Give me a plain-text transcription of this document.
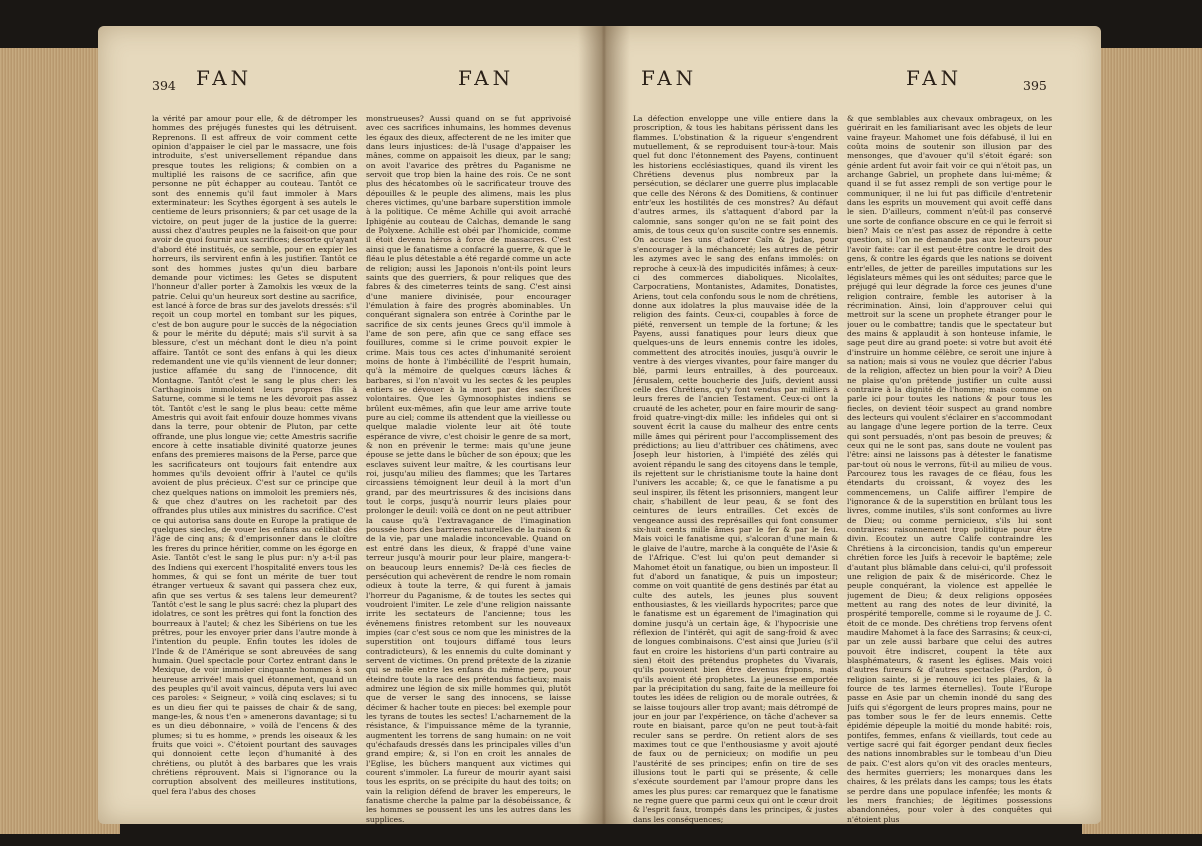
394 FAN	FAN

la vérité par amour pour elle, & de détromper les hommes des préjugés funestes qui les détruisent. Reprenons. Il est affreux de voir comment cette opinion d'appaiser le ciel par le massacre, une fois introduite, s'est universellement répandue dans presque toutes les religions; & combien on a multiplié les raisons de ce sacrifice, afin que personne ne pût échapper au couteau. Tantôt ce sont des ennemis qu'il faut immoler à Mars exterminateur: les Scythes égorgent à ses autels le centieme de leurs prisonniers; & par cet usage de la victoire, on peut juger de la justice de la guerre: aussi chez d'autres peuples ne la faisoit-on que pour avoir de quoi fournir aux sacrifices; desorte qu'ayant d'abord été institués, ce semble, pour en expier les horreurs, ils servirent enfin à les justifier. Tantôt ce sont des hommes justes qu'un dieu barbare demande pour victimes: les Getes se disputent l'honneur d'aller porter à Zamolxis les vœux de la patrie. Celui qu'un heureux sort destine au sacrifice, est lancé à force de bras sur des javelots dressés: s'il reçoit un coup mortel en tombant sur les piques, c'est de bon augure pour le succès de la négociation & pour le mérite du député; mais s'il survit à sa blessure, c'est un méchant dont le dieu n'a point affaire. Tantôt ce sont des enfans à qui les dieux redemandent une vie qu'ils viennent de leur donner; justice affamée du sang de l'innocence, dit Montagne. Tantôt c'est le sang le plus cher: les Carthaginois immoloient leurs propres fils à Saturne, comme si le tems ne les dévoroit pas assez tôt. Tantôt c'est le sang le plus beau: cette même Amestris qui avoit fait enfouir douze hommes vivans dans la terre, pour obtenir de Pluton, par cette offrande, une plus longue vie; cette Amestris sacrifie encore à cette insatiable divinité quatorze jeunes enfans des premieres maisons de la Perse, parce que les sacrificateurs ont toujours fait entendre aux hommes qu'ils devoient offrir à l'autel ce qu'ils avoient de plus précieux. C'est sur ce principe que chez quelques nations on immoloit les premiers nés, & que chez d'autres on les rachetoit par des offrandes plus utiles aux ministres du sacrifice. C'est ce qui autorisa sans doute en Europe la pratique de quelques siecles, de vouer les enfans au célibat dès l'âge de cinq ans; & d'emprisonner dans le cloître les freres du prince héritier, comme on les égorge en Asie. Tantôt c'est le sang le plus pur: n'y a-t-il pas des Indiens qui exercent l'hospitalité envers tous les hommes, & qui se font un mérite de tuer tout étranger vertueux & savant qui passera chez eux, afin que ses vertus & ses talens leur demeurent? Tantôt c'est le sang le plus sacré: chez la plupart des idolatres, ce sont les prêtres qui font la fonction des bourreaux à l'autel; & chez les Sibériens on tue les prêtres, pour les envoyer prier dans l'autre monde à l'intention du peuple. Enfin toutes les idoles de l'Inde & de l'Amérique se sont abreuvées de sang humain. Quel spectacle pour Cortez entrant dans le Mexique, de voir immoler cinquante hommes à son heureuse arrivée! mais quel étonnement, quand un des peuples qu'il avoit vaincus, députa vers lui avec ces paroles: « Seigneur, » voilà cinq esclaves; si tu es un dieu fier qui te paisses de chair & de sang, mange-les, & nous t'en » amenerons davantage; si tu es un dieu débonnaire, » voilà de l'encens & des plumes; si tu es homme, » prends les oiseaux & les fruits que voici ». C'étoient pourtant des sauvages qui donnoient cette leçon d'humanité à des chrétiens, ou plutôt à des barbares que les vrais chrétiens réprouvent. Mais si l'ignorance ou la corruption absolvent des meilleures institutions, quel fera l'abus des choses

monstrueuses? Aussi quand on se fut apprivoisé avec ces sacrifices inhumains, les hommes devenus les égaux des dieux, affecterent de ne les imiter que dans leurs injustices: de-là l'usage d'appaiser les mânes, comme on appaisoit les dieux, par le sang; on avoit l'avarice des prêtres du Paganisme ne servoit que trop bien la haine des rois. Ce ne sont plus des hécatombes où le sacrificateur trouve des dépouilles & le peuple des alimens, mais les plus cheres victimes, qu'une barbare superstition immole à la politique. Ce même Achille qui avoit arraché Iphigénie au couteau de Calchas, demande le sang de Polyxene. Achille est obéi par l'homicide, comme il étoit devenu héros à force de massacres. C'est ainsi que le fanatisme a confacré la guerre, & que le fléau le plus détestable a été regardé comme un acte de religion; aussi les Japonois n'ont-ils point leurs saints que des guerriers, & pour reliques que des fabres & des cimeterres teints de sang. C'est ainsi d'une maniere divinisée, pour encourager l'émulation à faire des progrès abominables. Un conquérant signalera son entrée à Corinthe par le sacrifice de six cents jeunes Grecs qu'il immole à l'ame de son pere, afin que ce sang efface ses fouillures, comme si le crime pouvoit expier le crime. Mais tous ces actes d'inhumanité seroient moins de honte à l'imbécillité de l'esprit humain, qu'à la mémoire de quelques cœurs lâches & barbares, si l'on n'avoit vu les sectes & les peuples entiers se dévouer à la mort par des sacrifices volontaires. Que les Gymnosophistes indiens se brûlent eux-mêmes, afin que leur ame arrive toute pure au ciel; comme ils attendent que la vieillesse ou quelque maladie violente leur ait ôté toute espérance de vivre, c'est choisir le genre de sa mort, & non en prévenir le terme: mais qu'une jeune épouse se jette dans le bûcher de son époux; que les esclaves suivent leur maître, & les courtisans leur roi, jusqu'au milieu des flammes; que les Tartares circassiens témoignent leur deuil à la mort d'un grand, par des meurtrissures & des incisions dans tout le corps, jusqu'à nourrir leurs plaies pour prolonger le deuil: voilà ce dont on ne peut attribuer la cause qu'à l'extravagance de l'imagination poussée hors des barrieres naturelles de la raison & de la vie, par une maladie inconcevable. Quand on est entré dans les dieux, & frappé d'une vaine terreur jusqu'à mourir pour leur plaire, mangera-t-on beaucoup leurs ennemis? De-là ces fiecles de persécution qui achevèrent de rendre le nom romain odieux à toute la terre, & qui furent à jamais l'horreur du Paganisme, & de toutes les sectes qui voudroient l'imiter. Le zele d'une religion naissante irrite les sectateurs de l'ancienne; tous les évênemens finistres retombent sur les nouveaux impies (car c'est sous ce nom que les ministres de la superstition ont toujours diffamé tous leurs contradicteurs), & les ennemis du culte dominant y servent de victimes. On prend prétexte de la zizanie qui se mêle entre les enfans du même pere, pour éteindre toute la race des prétendus factieux; mais admirez une légion de six mille hommes qui, plutôt que de verser le sang des innocens, se laisse décimer & hacher toute en pieces: bel exemple pour les tyrans de toutes les sectes! L'acharnement de la résistance, & l'impuissance même de la tyrannie, augmentent les torrens de sang humain: on ne voit qu'échafauds dressés dans les principales villes d'un grand empire; &, si l'on en croit les annales de l'Eglise, les bûchers manquent aux victimes qui courent s'immoler. La fureur de mourir ayant saisi tous les esprits, on se précipite du haut des toits; on vain la religion défend de braver les empereurs, le fanatisme cherche la palme par la désobéissance, & les hommes se poussent les uns les autres dans les supplices.

FAN	FAN	395

La défection enveloppe une ville entiere dans la proscription, & tous les habitans périssent dans les flammes. L'obstination & la rigueur s'engendrent mutuellement, & se reproduisent tour-à-tour. Mais quel fut donc l'étonnement des Payens, continuent les historiens ecclésiastiques, quand ils virent les Chrétiens devenus plus nombreux par la persécution, se déclarer une guerre plus implacable que celle des Nérons & des Domitiens, & continuer entr'eux les hostilités de ces monstres? Au défaut d'autres armes, ils s'attaquent d'abord par la calomnie, sans songer qu'on ne se fait point des amis, de tous ceux qu'on suscite contre ses ennemis. On accuse les uns d'adorer Caïn & Judas, pour s'encourager à la méchanceté; les autres de pétrir les azymes avec le sang des enfans immolés: on reproche à ceux-là des impudicités infâmes; à ceux-ci des commerces diaboliques. Nicolaïtes, Carpocratiens, Montanistes, Adamites, Donatistes, Ariens, tout cela confondu sous le nom de chrétiens, donne aux idolatres la plus mauvaise idée de la religion des faints. Ceux-ci, coupables à force de piété, renversent un temple de la fortune; & les Payens, aussi fanatiques pour leurs dieux que quelques-uns de leurs ennemis contre les idoles, commettent des atrocités inouïes, jusqu'à ouvrir le ventre à des vierges vivantes, pour faire manger du blé, parmi leurs entrailles, à des pourceaux. Jérusalem, cette boucherie des Juifs, devient aussi celle des Chrétiens, qu'y font vendus par milliers à leurs freres de l'ancien Testament. Ceux-ci ont la cruauté de les acheter, pour en faire mourir de sang-froid quatre-vingt-dix mille: les infideles qui ont si souvent écrit la cause du malheur des entre cents mille âmes qui périrent pour l'accomplissement des prédictions; au lieu d'attribuer ces châtimens, avec Joseph leur historien, à l'impiété des zélés qui avoient répandu le sang des citoyens dans le temple, ils rejettent sur le christianisme toute la haine dont l'univers les accable; &, ce que le fanatisme a pu seul inspirer, ils fêtent les prisonniers, mangent leur chair, s'habillent de leur peau, & se font des ceintures de leurs entrailles. Cet excès de vengeance aussi des représailles qui font consumer six-huit cents mille âmes par le fer & par le feu. Mais voici le fanatisme qui, s'alcoran d'une main & le glaive de l'autre, marche à la conquête de l'Asie & de l'Afrique. C'est lui qu'on peut demander si Mahomet étoit un fanatique, ou bien un imposteur. Il fut d'abord un fanatique, & puis un imposteur; comme on voit quantité de gens destinés par état au culte des autels, les jeunes plus souvent enthousiastes, & les vieillards hypocrites; parce que le fanatisme est un égarement de l'imagination qui domine jusqu'à un certain âge, & l'hypocrisie une réflexion de l'intérêt, qui agit de sang-froid & avec de longues combinaisons. C'est ainsi que Jurieu (s'il faut en croire les historiens d'un parti contraire au sien) étoit des prétendus prophetes du Vivarais, qu'ils pouvoient bien être devenus fripons, mais qu'ils avoient été prophetes. La jeunesse emportée par la précipitation du sang, faite de la meilleure foi toutes les idées de religion ou de morale outrées, & se laisse toujours aller trop avant; mais détrompé de jour en jour par l'expérience, on tâche d'achever sa route en biaisant, parce qu'on ne peut tout-à-fait reculer sans se perdre. On retient alors de ses maximes tout ce que l'enthousiasme y avoit ajouté de faux ou de pernicieux; on modifie un peu l'austérité de ses principes; enfin on tire de ses illusions tout le parti qui se présente, & celle s'exécute sourdement par l'amour propre dans les ames les plus pures: car remarquez que le fanatisme ne regne guere que parmi ceux qui ont le cœur droit & l'esprit faux, trompés dans les principes, & justes dans les conséquences;

& que semblables aux chevaux ombrageux, on les guérirait en les familiarisant avec les objets de leur vaine frayeur. Mahomet une fois défabusé, il lui en coûta moins de soutenir son illusion par des mensonges, que d'avouer qu'il s'étoit égaré: son génie ardent fut avoir fait voir ce qui n'étoit pas, un archange Gabriel, un prophete dans lui-même; & quand il se fut assez rempli de son vertige pour le communiquer, il ne lui fut pas difficile d'entretenir dans les esprits un mouvement qui avoit ceffé dans le sien. D'ailleurs, comment n'eût-il pas conservé une sorte de confiance obscure en ce qui le ferroit si bien? Mais ce n'est pas assez de répondre à cette question, si l'on ne demande pas aux lecteurs pour l'avoir faite: car il est peut-être contre le droit des gens, & contre les égards que les nations se doivent entr'elles, de jetter de pareilles imputations sur les législateurs mêmes qui les ont séduites; parce que le préjugé qui leur dégrade la force ces jeunes d'une religion contraire, femble les autoriser à la récrimination. Ainsi, loin d'approuver celui qui mettroit sur la scene un prophete étranger pour le jouer ou le combattre; tandis que le spectateur but des mains & applaudit à son honteuse infamie, le sage peut dire au grand poete: si votre but avoit été d'instruire un homme célèbre, ce seroit une injure à sa nation; mais si vous ne voulez que décrier l'abus de la religion, affectez un bien pour la voir? A Dieu ne plaise qu'on prétende justifier un culte aussi contraire à la dignité de l'homme; mais comme on parle ici pour toutes les nations & pour tous les fiecles, on devient téoir suspect au grand nombre des lecteurs qui voulent s'éclairer en s'accommodant au langage d'une legere portion de la terre. Ceux qui sont persuadés, n'ont pas besoin de preuves; & ceux qui ne le sont pas, sans doute ne voulent pas l'être: ainsi ne laissons pas à détester le fanatisme par-tout où nous le verrons, fût-il au milieu de vous. Parcourez tous les ravages de ce fléau, fous les étendarts du croissant, & voyez des les commencemens, un Calife aiffirer l'empire de l'ignorance & de la superstition en brûlant tous les livres, comme inutiles, s'ils sont conformes au livre de Dieu; ou comme pernicieux, s'ils lui sont contraires: raisonnement trop politique pour être divin. Ecoutez un autre Calife contraindre les Chrétiens à la circoncision, tandis qu'un empereur chrétien force les Juifs à recevoir le baptême; zele d'autant plus blâmable dans celui-ci, qu'il professoit une religion de paix & de miséricorde. Chez le peuple conquérant, la violence est appellée le jugement de Dieu; & deux religions opposées mettent au rang des notes de leur divinité, la prospérité temporelle, comme si le royaume de J. C. étoit de ce monde. Des chrétiens trop fervens ofent maudire Mahomet à la face des Sarrasins; & ceux-ci, par un zele aussi barbare que celui des autres pouvoit être indiscret, coupent la tête aux blasphémateurs, & rasent les églises. Mais voici d'autres fureurs & d'autres spectacles (Pardon, ô religion sainte, si je renouve ici tes plaies, & la fource de tes larmes éternelles). Toute l'Europe passe en Asie par un chemin inondé du sang des Juifs qui s'égorgent de leurs propres mains, pour ne pas tomber sous le fer de leurs ennemis. Cette épidémie dépeuple la moitié du monde habité: rois, pontifes, femmes, enfans & vieillards, tout cede au vertige sacré qui fait égorger pendant deux fiecles des nations innombrables sur le tombeau d'un Dieu de paix. C'est alors qu'on vit des oracles menteurs, des hermites guerriers; les monarques dans les chaires, & les prélats dans les camps; tous les états se perdre dans une populace infenfée; les monts & les mers franchies; de légitimes possessions abandonnées, pour voler à des conquêtes qui n'étoient plus
